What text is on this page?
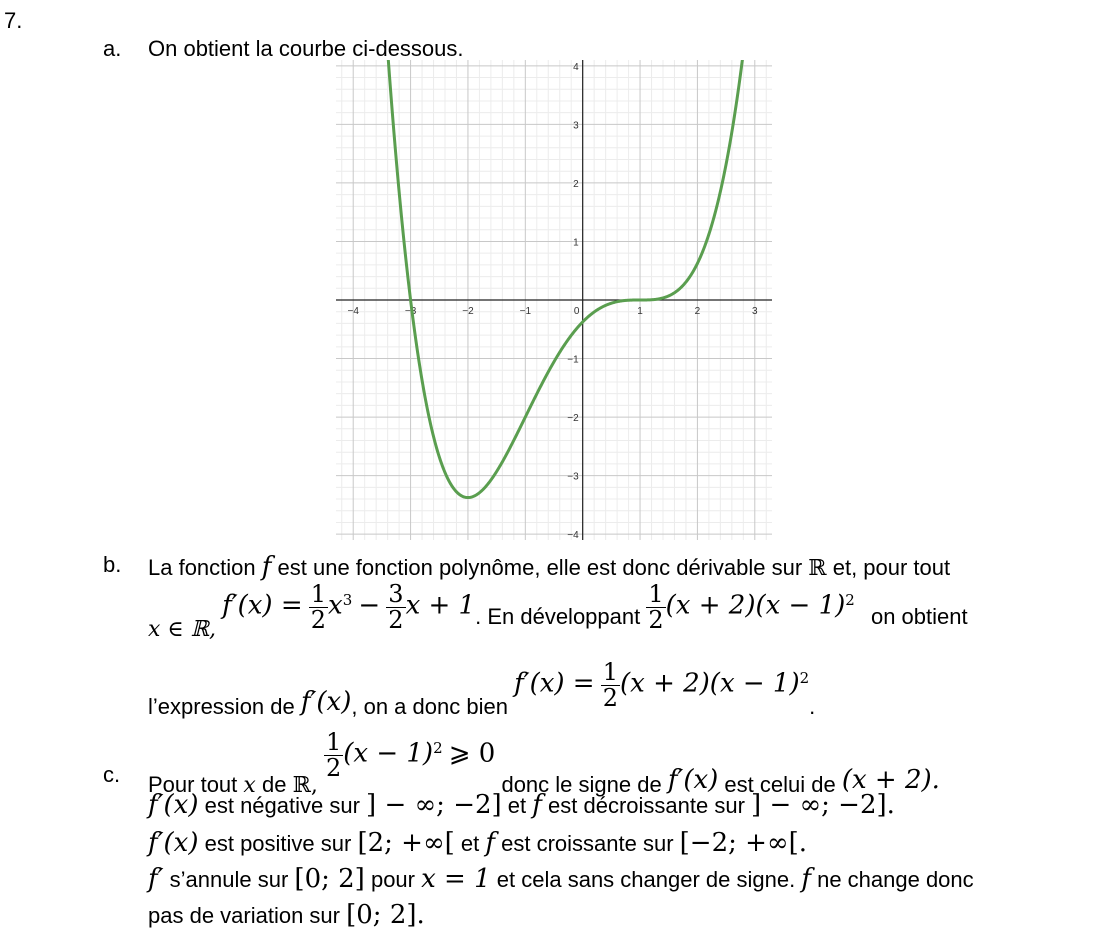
7.
a. On obtient la courbe ci-dessous.
−4	−3	−2	−1	0	1	2	3
4
3
2
1
−1
−2
−3
−4
b. La fonction f est une fonction polynôme, elle est donc dérivable sur ℝ et, pour tout
x ∈ ℝ, $f'(x) = \frac{1}{2} x^3 - \frac{3}{2}$ x + 1. En développant $\frac{1}{2} (x + 2)(x - 1)^2$ on obtient
l’expression de f′(x), on a donc bien $f'(x) = \frac{1}{2} (x + 2)(x - 1)^2$.
c. Pour tout x de ℝ,
$\frac{1}{2} (x - 1)^2$ ⩾ 0 donc le signe de f′(x) est celui de (x + 2).
f′(x) est négative sur ] − ∞; −2] et f est décroissante sur ] − ∞; −2].
f′(x) est positive sur [2; +∞[ et f est croissante sur [−2; +∞[.
f′ s’annule sur [0; 2] pour x = 1 et cela sans changer de signe. f ne change donc
pas de variation sur [0; 2].
